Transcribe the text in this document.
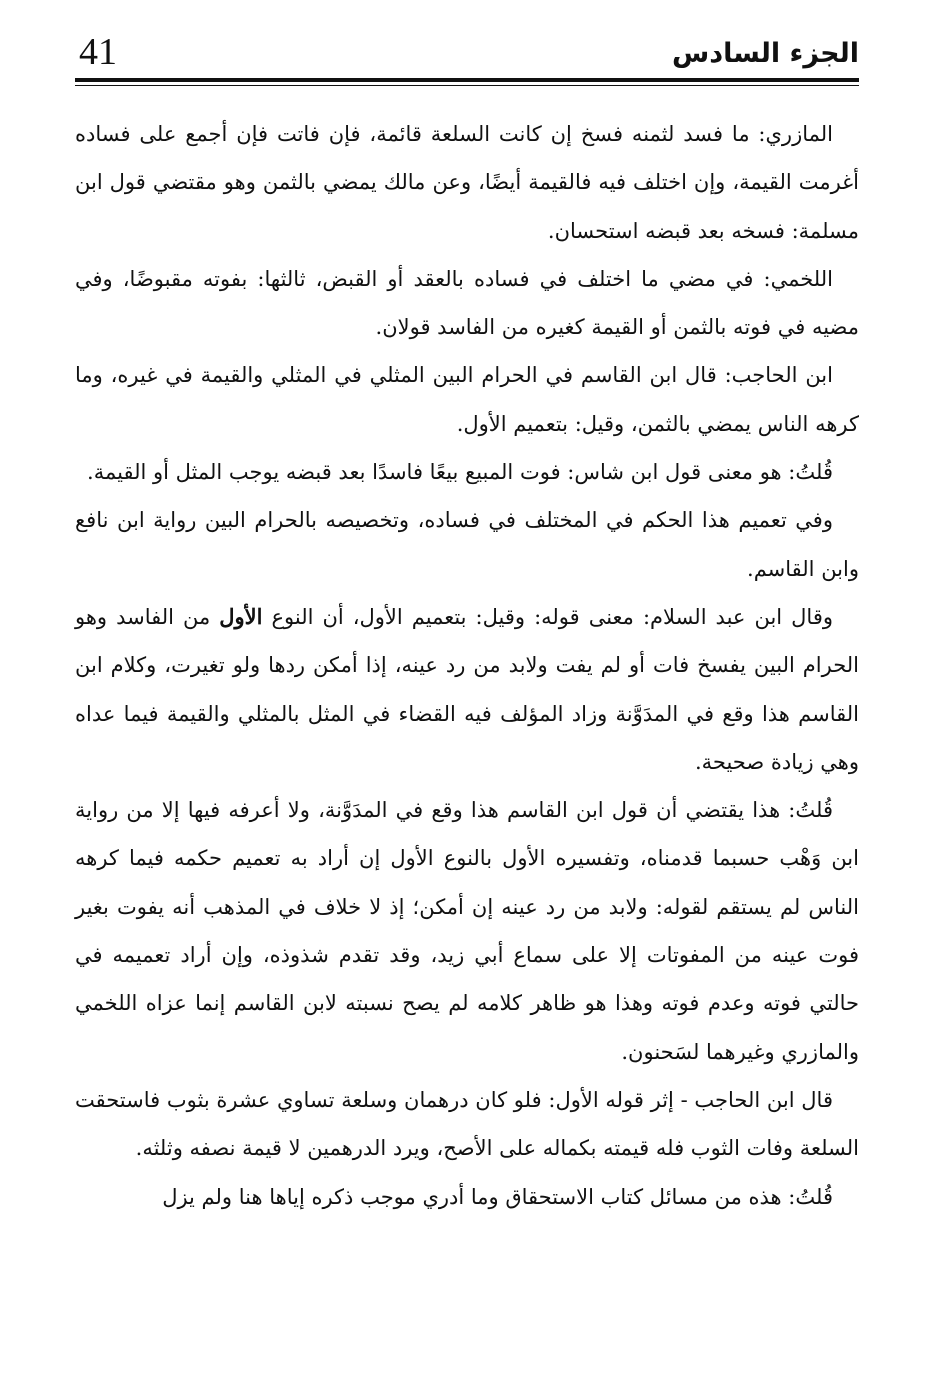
41	الجزء السادس

المازري: ما فسد لثمنه فسخ إن كانت السلعة قائمة، فإن فاتت فإن أجمع على فساده أغرمت القيمة، وإن اختلف فيه فالقيمة أيضًا، وعن مالك يمضي بالثمن وهو مقتضي قول ابن مسلمة: فسخه بعد قبضه استحسان.

اللخمي: في مضي ما اختلف في فساده بالعقد أو القبض، ثالثها: بفوته مقبوضًا، وفي مضيه في فوته بالثمن أو القيمة كغيره من الفاسد قولان.

ابن الحاجب: قال ابن القاسم في الحرام البين المثلي في المثلي والقيمة في غيره، وما كرهه الناس يمضي بالثمن، وقيل: بتعميم الأول.

قُلتُ: هو معنى قول ابن شاس: فوت المبيع بيعًا فاسدًا بعد قبضه يوجب المثل أو القيمة.

وفي تعميم هذا الحكم في المختلف في فساده، وتخصيصه بالحرام البين رواية ابن نافع وابن القاسم.

وقال ابن عبد السلام: معنى قوله: وقيل: بتعميم الأول، أن النوع الأول من الفاسد وهو الحرام البين يفسخ فات أو لم يفت ولابد من رد عينه، إذا أمكن ردها ولو تغيرت، وكلام ابن القاسم هذا وقع في المدَوَّنة وزاد المؤلف فيه القضاء في المثل بالمثلي والقيمة فيما عداه وهي زيادة صحيحة.

قُلتُ: هذا يقتضي أن قول ابن القاسم هذا وقع في المدَوَّنة، ولا أعرفه فيها إلا من رواية ابن وَهْب حسبما قدمناه، وتفسيره الأول بالنوع الأول إن أراد به تعميم حكمه فيما كرهه الناس لم يستقم لقوله: ولابد من رد عينه إن أمكن؛ إذ لا خلاف في المذهب أنه يفوت بغير فوت عينه من المفوتات إلا على سماع أبي زيد، وقد تقدم شذوذه، وإن أراد تعميمه في حالتي فوته وعدم فوته وهذا هو ظاهر كلامه لم يصح نسبته لابن القاسم إنما عزاه اللخمي والمازري وغيرهما لسَحنون.

قال ابن الحاجب - إثر قوله الأول: فلو كان درهمان وسلعة تساوي عشرة بثوب فاستحقت السلعة وفات الثوب فله قيمته بكماله على الأصح، ويرد الدرهمين لا قيمة نصفه وثلثه.

قُلتُ: هذه من مسائل كتاب الاستحقاق وما أدري موجب ذكره إياها هنا ولم يزل
